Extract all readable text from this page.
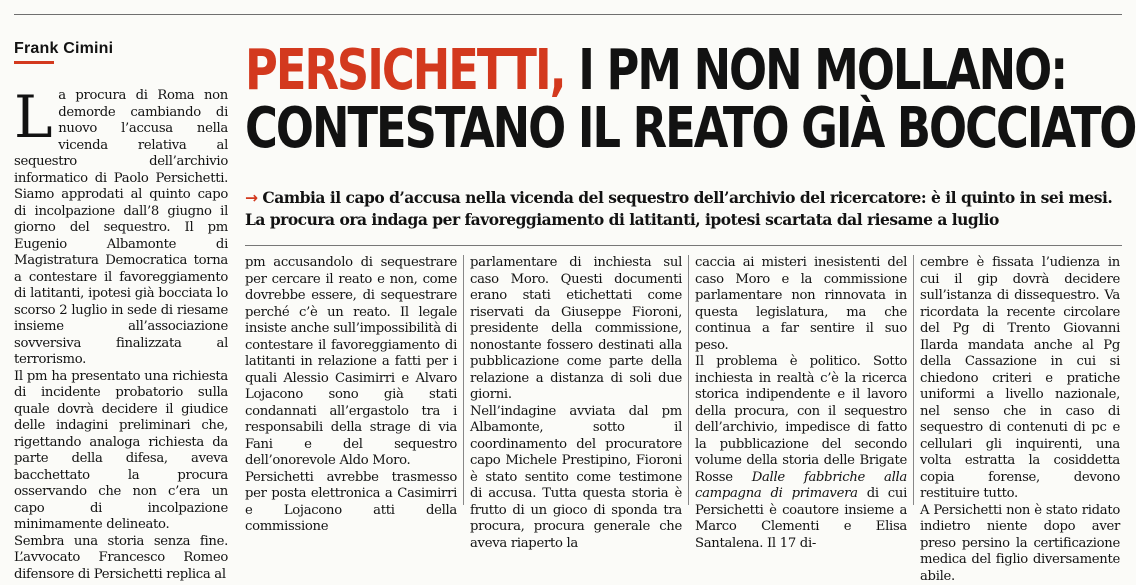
Frank Cimini PERSICHETTI, I PM NON MOLLANO:
CONTESTANO IL REATO GIÀ BOCCIATO
→ Cambia il capo d’accusa nella vicenda del sequestro dell’archivio del ricercatore: è il quinto in sei mesi. La procura ora indaga per favoreggiamento di latitanti, ipotesi scartata dal riesame a luglio

La procura di Roma non demorde cambiando di nuovo l’accusa nella vicenda relativa al sequestro dell’archivio informatico di Paolo Persichetti. Siamo approdati al quinto capo di incolpazione dall’8 giugno il giorno del sequestro. Il pm Eugenio Albamonte di Magistratura Democratica torna a contestare il favoreggiamento di latitanti, ipotesi già bocciata lo scorso 2 luglio in sede di riesame insieme all’associazione sovversiva finalizzata al terrorismo.

Il pm ha presentato una richiesta di incidente probatorio sulla quale dovrà decidere il giudice delle indagini preliminari che, rigettando analoga richiesta da parte della difesa, aveva bacchettato la procura osservando che non c’era un capo di incolpazione minimamente delineato.

Sembra una storia senza fine. L’avvocato Francesco Romeo difensore di Persichetti replica al

pm accusandolo di sequestrare per cercare il reato e non, come dovrebbe essere, di sequestrare perché c’è un reato. Il legale insiste anche sull’impossibilità di contestare il favoreggiamento di latitanti in relazione a fatti per i quali Alessio Casimirri e Alvaro Lojacono sono già stati condannati all’ergastolo tra i responsabili della strage di via Fani e del sequestro dell’onorevole Aldo Moro.

Persichetti avrebbe trasmesso per posta elettronica a Casimirri e Lojacono atti della commissione

parlamentare di inchiesta sul caso Moro. Questi documenti erano stati etichettati come riservati da Giuseppe Fioroni, presidente della commissione, nonostante fossero destinati alla pubblicazione come parte della relazione a distanza di soli due giorni.

Nell’indagine avviata dal pm Albamonte, sotto il coordinamento del procuratore capo Michele Prestipino, Fioroni è stato sentito come testimone di accusa. Tutta questa storia è frutto di un gioco di sponda tra procura, procura generale che aveva riaperto la

caccia ai misteri inesistenti del caso Moro e la commissione parlamentare non rinnovata in questa legislatura, ma che continua a far sentire il suo peso.

Il problema è politico. Sotto inchiesta in realtà c’è la ricerca storica indipendente e il lavoro della procura, con il sequestro dell’archivio, impedisce di fatto la pubblicazione del secondo volume della storia delle Brigate Rosse Dalle fabbriche alla campagna di primavera di cui Persichetti è coautore insieme a Marco Clementi e Elisa Santalena. Il 17 di-

cembre è fissata l’udienza in cui il gip dovrà decidere sull’istanza di dissequestro. Va ricordata la recente circolare del Pg di Trento Giovanni Ilarda mandata anche al Pg della Cassazione in cui si chiedono criteri e pratiche uniformi a livello nazionale, nel senso che in caso di sequestro di contenuti di pc e cellulari gli inquirenti, una volta estratta la cosiddetta copia forense, devono restituire tutto.

A Persichetti non è stato ridato indietro niente dopo aver preso persino la certificazione medica del figlio diversamente abile.
